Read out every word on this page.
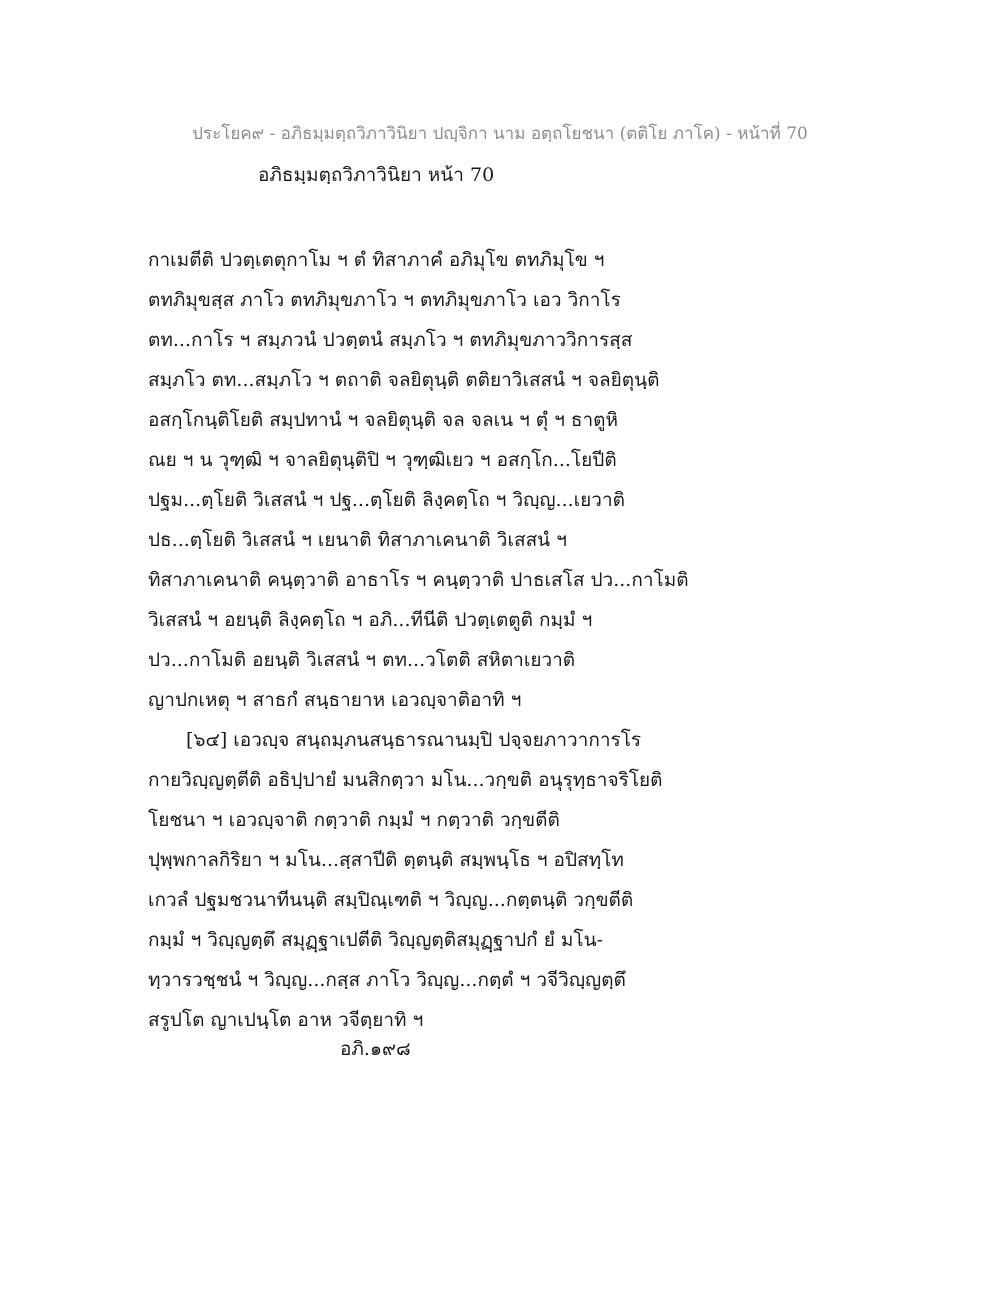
ประโยค๙ - อภิธมฺมตฺถวิภาวินิยา ปญฺจิกา นาม อตฺถโยชนา (ตติโย ภาโค) - หน้าที่ 70
อภิธมฺมตฺถวิภาวินิยา หน้า 70
กาเมตีติ ปวตฺเตตุกาโม ฯ ตํ ทิสาภาคํ อภิมุโข ตทภิมุโข ฯ
ตทภิมุขสฺส ภาโว ตทภิมุขภาโว ฯ ตทภิมุขภาโว เอว วิกาโร
ตท...กาโร ฯ สมฺภวนํ ปวตฺตนํ สมฺภโว ฯ ตทภิมุขภาววิการสฺส
สมฺภโว ตท...สมฺภโว ฯ ตถาติ จลยิตุนฺติ ตติยาวิเสสนํ ฯ จลยิตุนฺติ
อสกฺโกนฺติโยติ สมฺปทานํ ฯ จลยิตุนฺติ จล จลเน ฯ ตุํ ฯ ธาตูหิ
ณย ฯ น วุฑฺฒิ ฯ จาลยิตุนฺติปิ ฯ วุฑฺฒิเยว ฯ อสกฺโก...โยปีติ
ปฐม...ตฺโยติ วิเสสนํ ฯ ปฐ...ตฺโยติ ลิงฺคตฺโถ ฯ วิญฺญ...เยวาติ
ปธ...ตฺโยติ วิเสสนํ ฯ เยนาติ ทิสาภาเคนาติ วิเสสนํ ฯ
ทิสาภาเคนาติ คนฺตฺวาติ อาธาโร ฯ คนฺตฺวาติ ปาธเสโส ปว...กาโมติ
วิเสสนํ ฯ อยนฺติ ลิงฺคตฺโถ ฯ อภิ...ทีนีติ ปวตฺเตตูติ กมฺมํ ฯ
ปว...กาโมติ อยนฺติ วิเสสนํ ฯ ตท...วโตติ สหิตาเยวาติ
ญาปกเหตุ ฯ สาธกํ สนฺธายาห เอวญฺจาติอาทิ ฯ
[๖๔] เอวญฺจ สนฺถมฺภนสนฺธารณานมฺปิ ปจฺจยภาวาการโร
กายวิญฺญตฺตีติ อธิปฺปายํ มนสิกตฺวา มโน...วกฺขติ อนุรุทฺธาจริโยติ
โยชนา ฯ เอวญฺจาติ กตฺวาติ กมฺมํ ฯ กตฺวาติ วกฺขตีติ
ปุพฺพกาลกิริยา ฯ มโน...สฺสาปีติ ตฺตนฺติ สมฺพนฺโธ ฯ อปิสทฺโท
เกวลํ ปฐมชวนาทีนนฺติ สมฺปิณฺเฑติ ฯ วิญฺญ...กตฺตนฺติ วกฺขตีติ
กมฺมํ ฯ วิญฺญตฺตึ สมุฏฺฐาเปตีติ วิญฺญตฺติสมุฏฺฐาปกํ ยํ มโน-
ทฺวารวชฺชนํ ฯ วิญฺญ...กสฺส ภาโว วิญฺญ...กตฺตํ ฯ วจีวิญฺญตฺตึ
สรูปโต ญาเปนฺโต อาห วจีตฺยาทิ ฯ
อภิ.๑๙๘
